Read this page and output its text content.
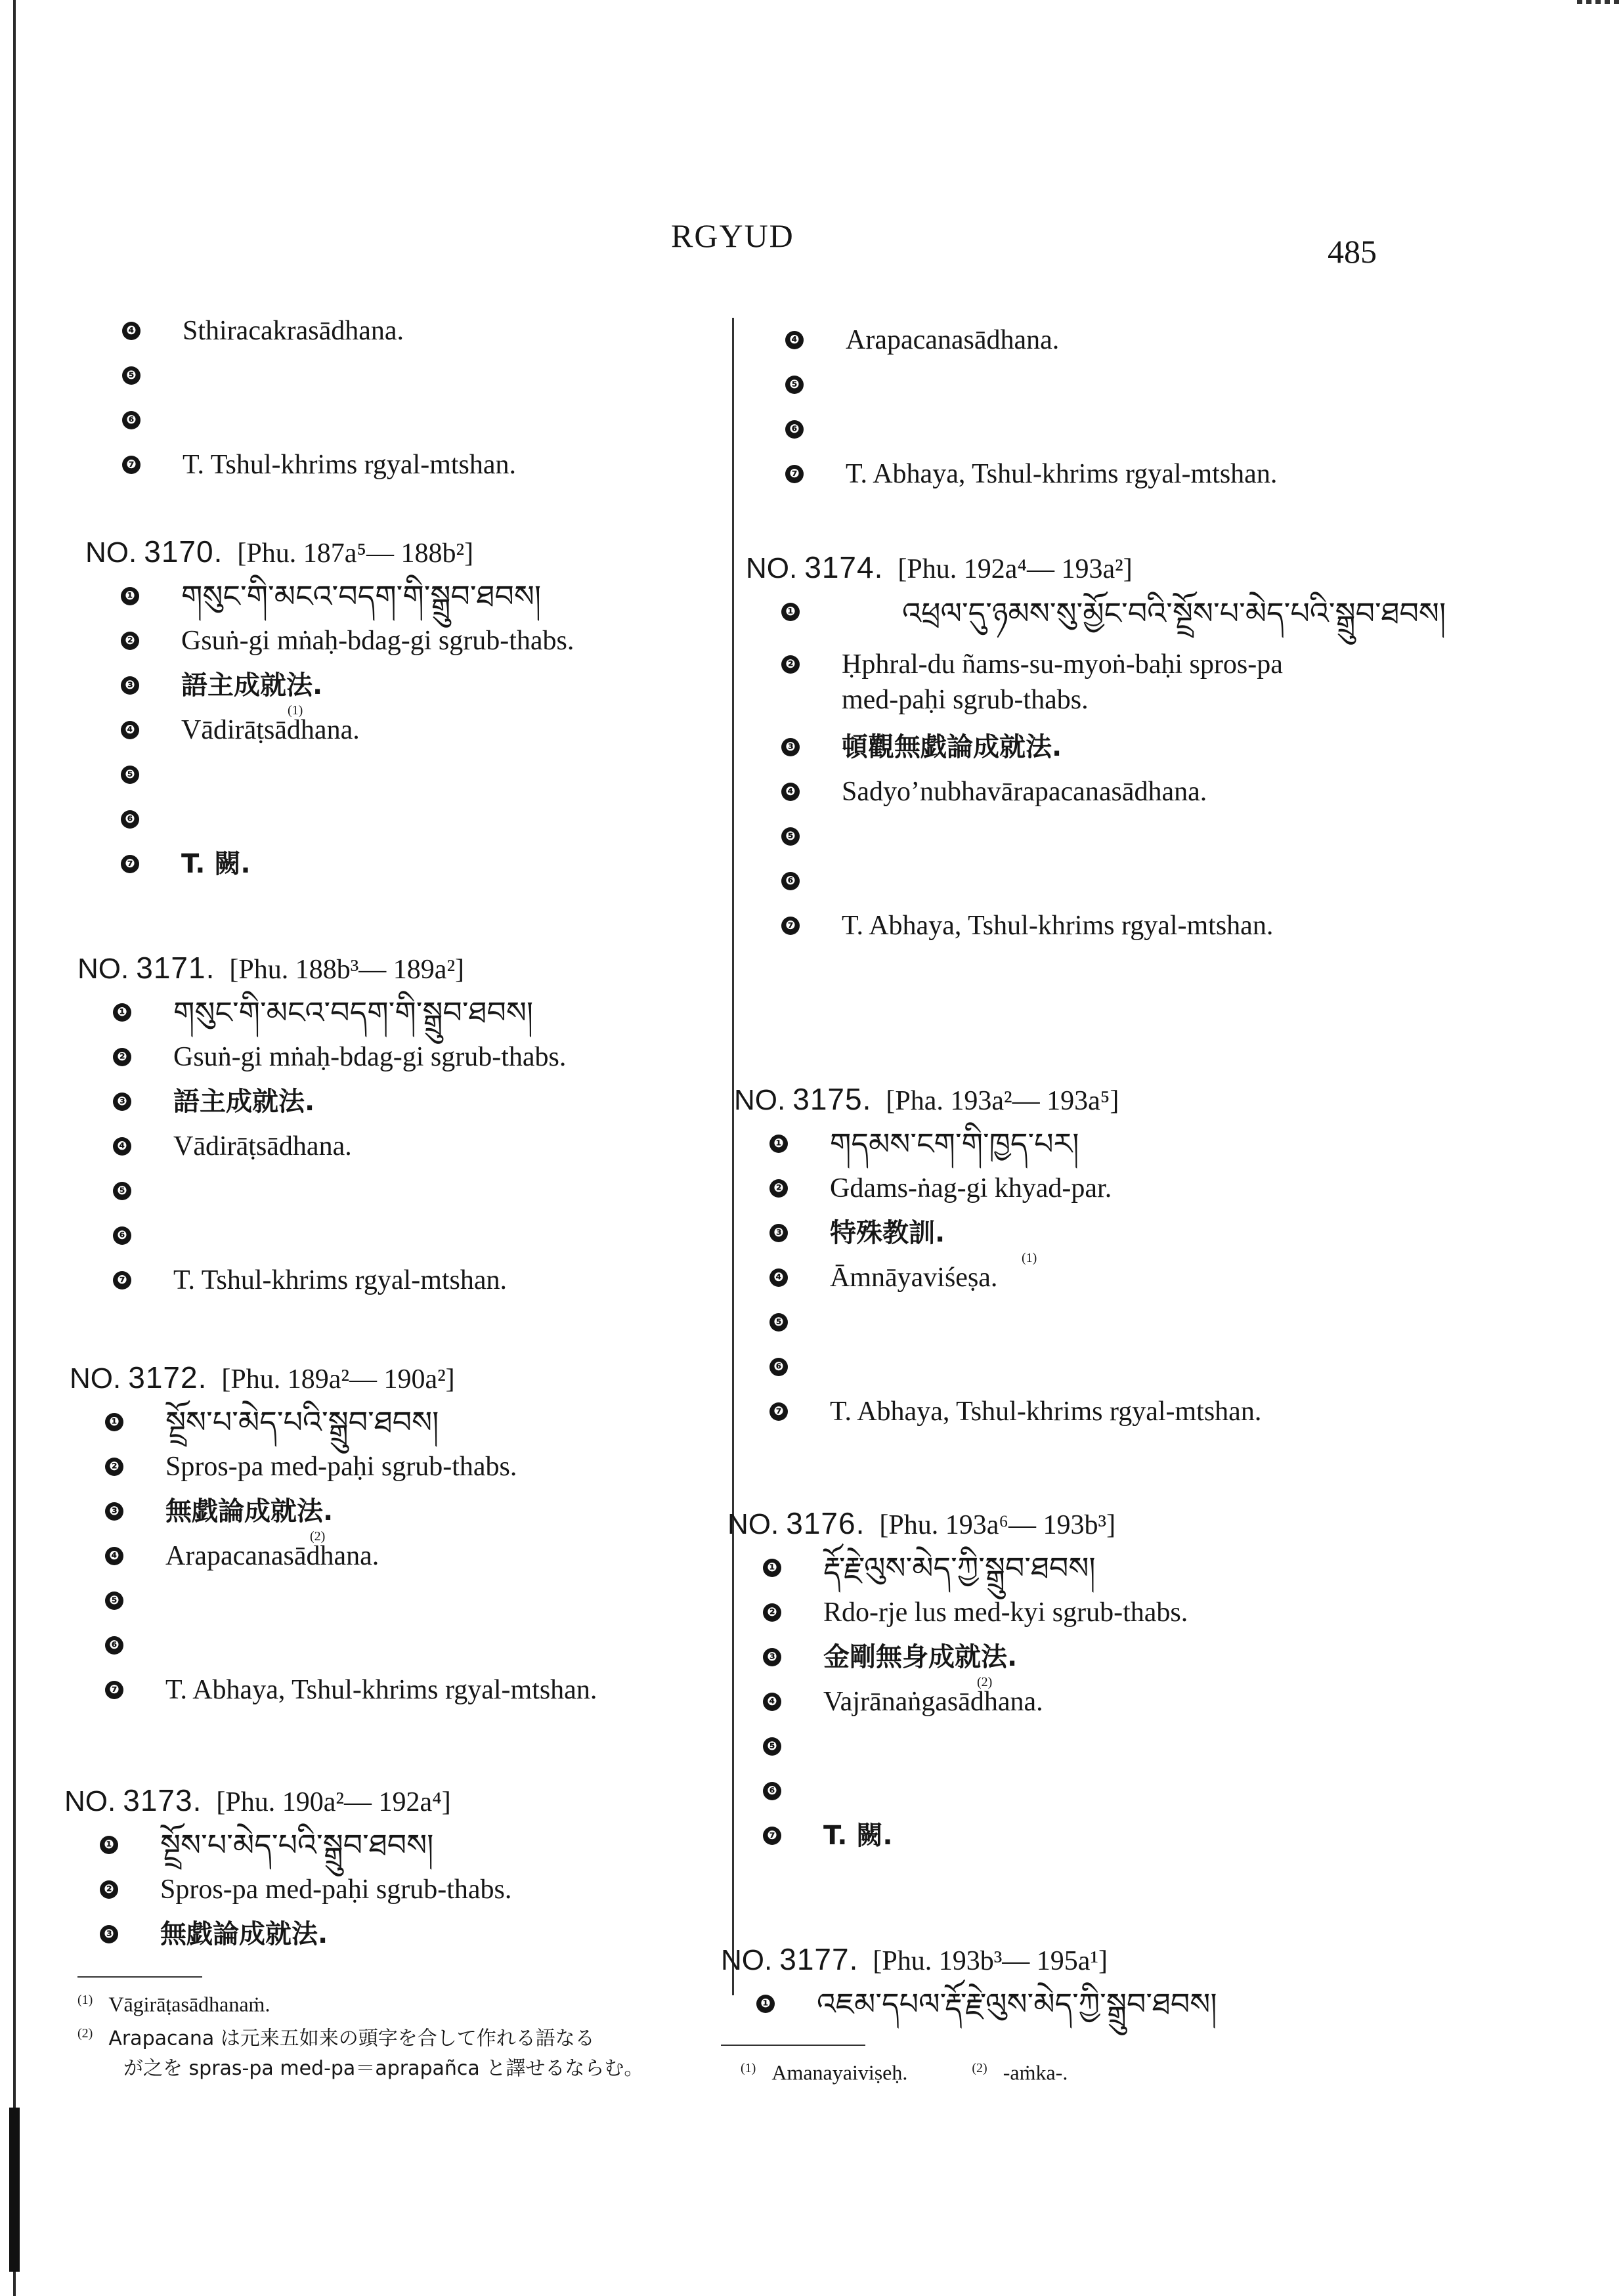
RGYUD	485
❹ Sthiracakrasādhana.
❺
❻
❼ T. Tshul-khrims rgyal-mtshan.
NO. 3170. [Phu. 187a⁵— 188b²]
❶ གསུང་གི་མངའ་བདག་གི་སྒྲུབ་ཐབས།
❷ Gsuṅ-gi mṅaḥ-bdag-gi sgrub-thabs.
❸ 語主成就法.
❹
(1)
Vādirāṭsādhana.
❺
❻
❼ T. 闕.
NO. 3171. [Phu. 188b³— 189a²]
❶ གསུང་གི་མངའ་བདག་གི་སྒྲུབ་ཐབས།
❷ Gsuṅ-gi mṅaḥ-bdag-gi sgrub-thabs.
❸ 語主成就法.
❹ Vādirāṭsādhana.
❺
❻
❼ T. Tshul-khrims rgyal-mtshan.
NO. 3172. [Phu. 189a²— 190a²]
❶ སྔྲོས་པ་མེད་པའི་སྒྲུབ་ཐབས།
❷ Spros-pa med-paḥi sgrub-thabs.
❸ 無戯論成就法.
❹
(2)
Arapacanasādhana.
❺
❻
❼ T. Abhaya, Tshul-khrims rgyal-mtshan.
NO. 3173. [Phu. 190a²— 192a⁴]
❶ སྔྲོས་པ་མེད་པའི་སྒྲུབ་ཐབས།
❷ Spros-pa med-paḥi sgrub-thabs.
❸ 無戯論成就法.
$^{(1)}$ Vāgirāṭasādhanaṁ.
$^{(2)}$ Arapacana は元来五如来の頭字を合して作れる語なる
が之を spras-pa med-pa＝aprapañca と譯せるならむ。
❹ Arapacanasādhana.
❺
❻
❼ T. Abhaya, Tshul-khrims rgyal-mtshan.
NO. 3174. [Phu. 192a⁴— 193a²]
❶	འཕྲལ་དུ་ཉམས་སུ་མྱོང་བའི་སྔྲོས་པ་མེད་པའི་སྒྲུབ་ཐབས།
❷ Ḥphral-du ñams-su-myoṅ-baḥi spros-pa
med-paḥi sgrub-thabs.
❸ 頓觀無戯論成就法.
❹ Sadyo’nubhavārapacanasādhana.
❺
❻
❼ T. Abhaya, Tshul-khrims rgyal-mtshan.
NO. 3175. [Pha. 193a²— 193a⁵]
❶ གདམས་ངག་གི་ཁྱད་པར།
❷ Gdams-ṅag-gi khyad-par.
❸ 特殊教訓.
❹
(1)
Āmnāyaviśeṣa.
❺
❻
❼ T. Abhaya, Tshul-khrims rgyal-mtshan.
NO. 3176. [Phu. 193a⁶— 193b³]
❶ རྡོ་རྗེ་ལུས་མེད་ཀྱི་སྒྲུབ་ཐབས།
❷ Rdo-rje lus med-kyi sgrub-thabs.
❸ 金剛無身成就法.
❹
(2)
Vajrānaṅgasādhana.
❺
❻
❼ T. 闕.
NO. 3177. [Phu. 193b³— 195a¹]
❶ འཇམ་དཔལ་རྡོ་རྗེ་ལུས་མེད་ཀྱི་སྒྲུབ་ཐབས།
$^{(1)}$ Amanayaiviṣeḥ.	$^{(2)}$ -aṁka-.
